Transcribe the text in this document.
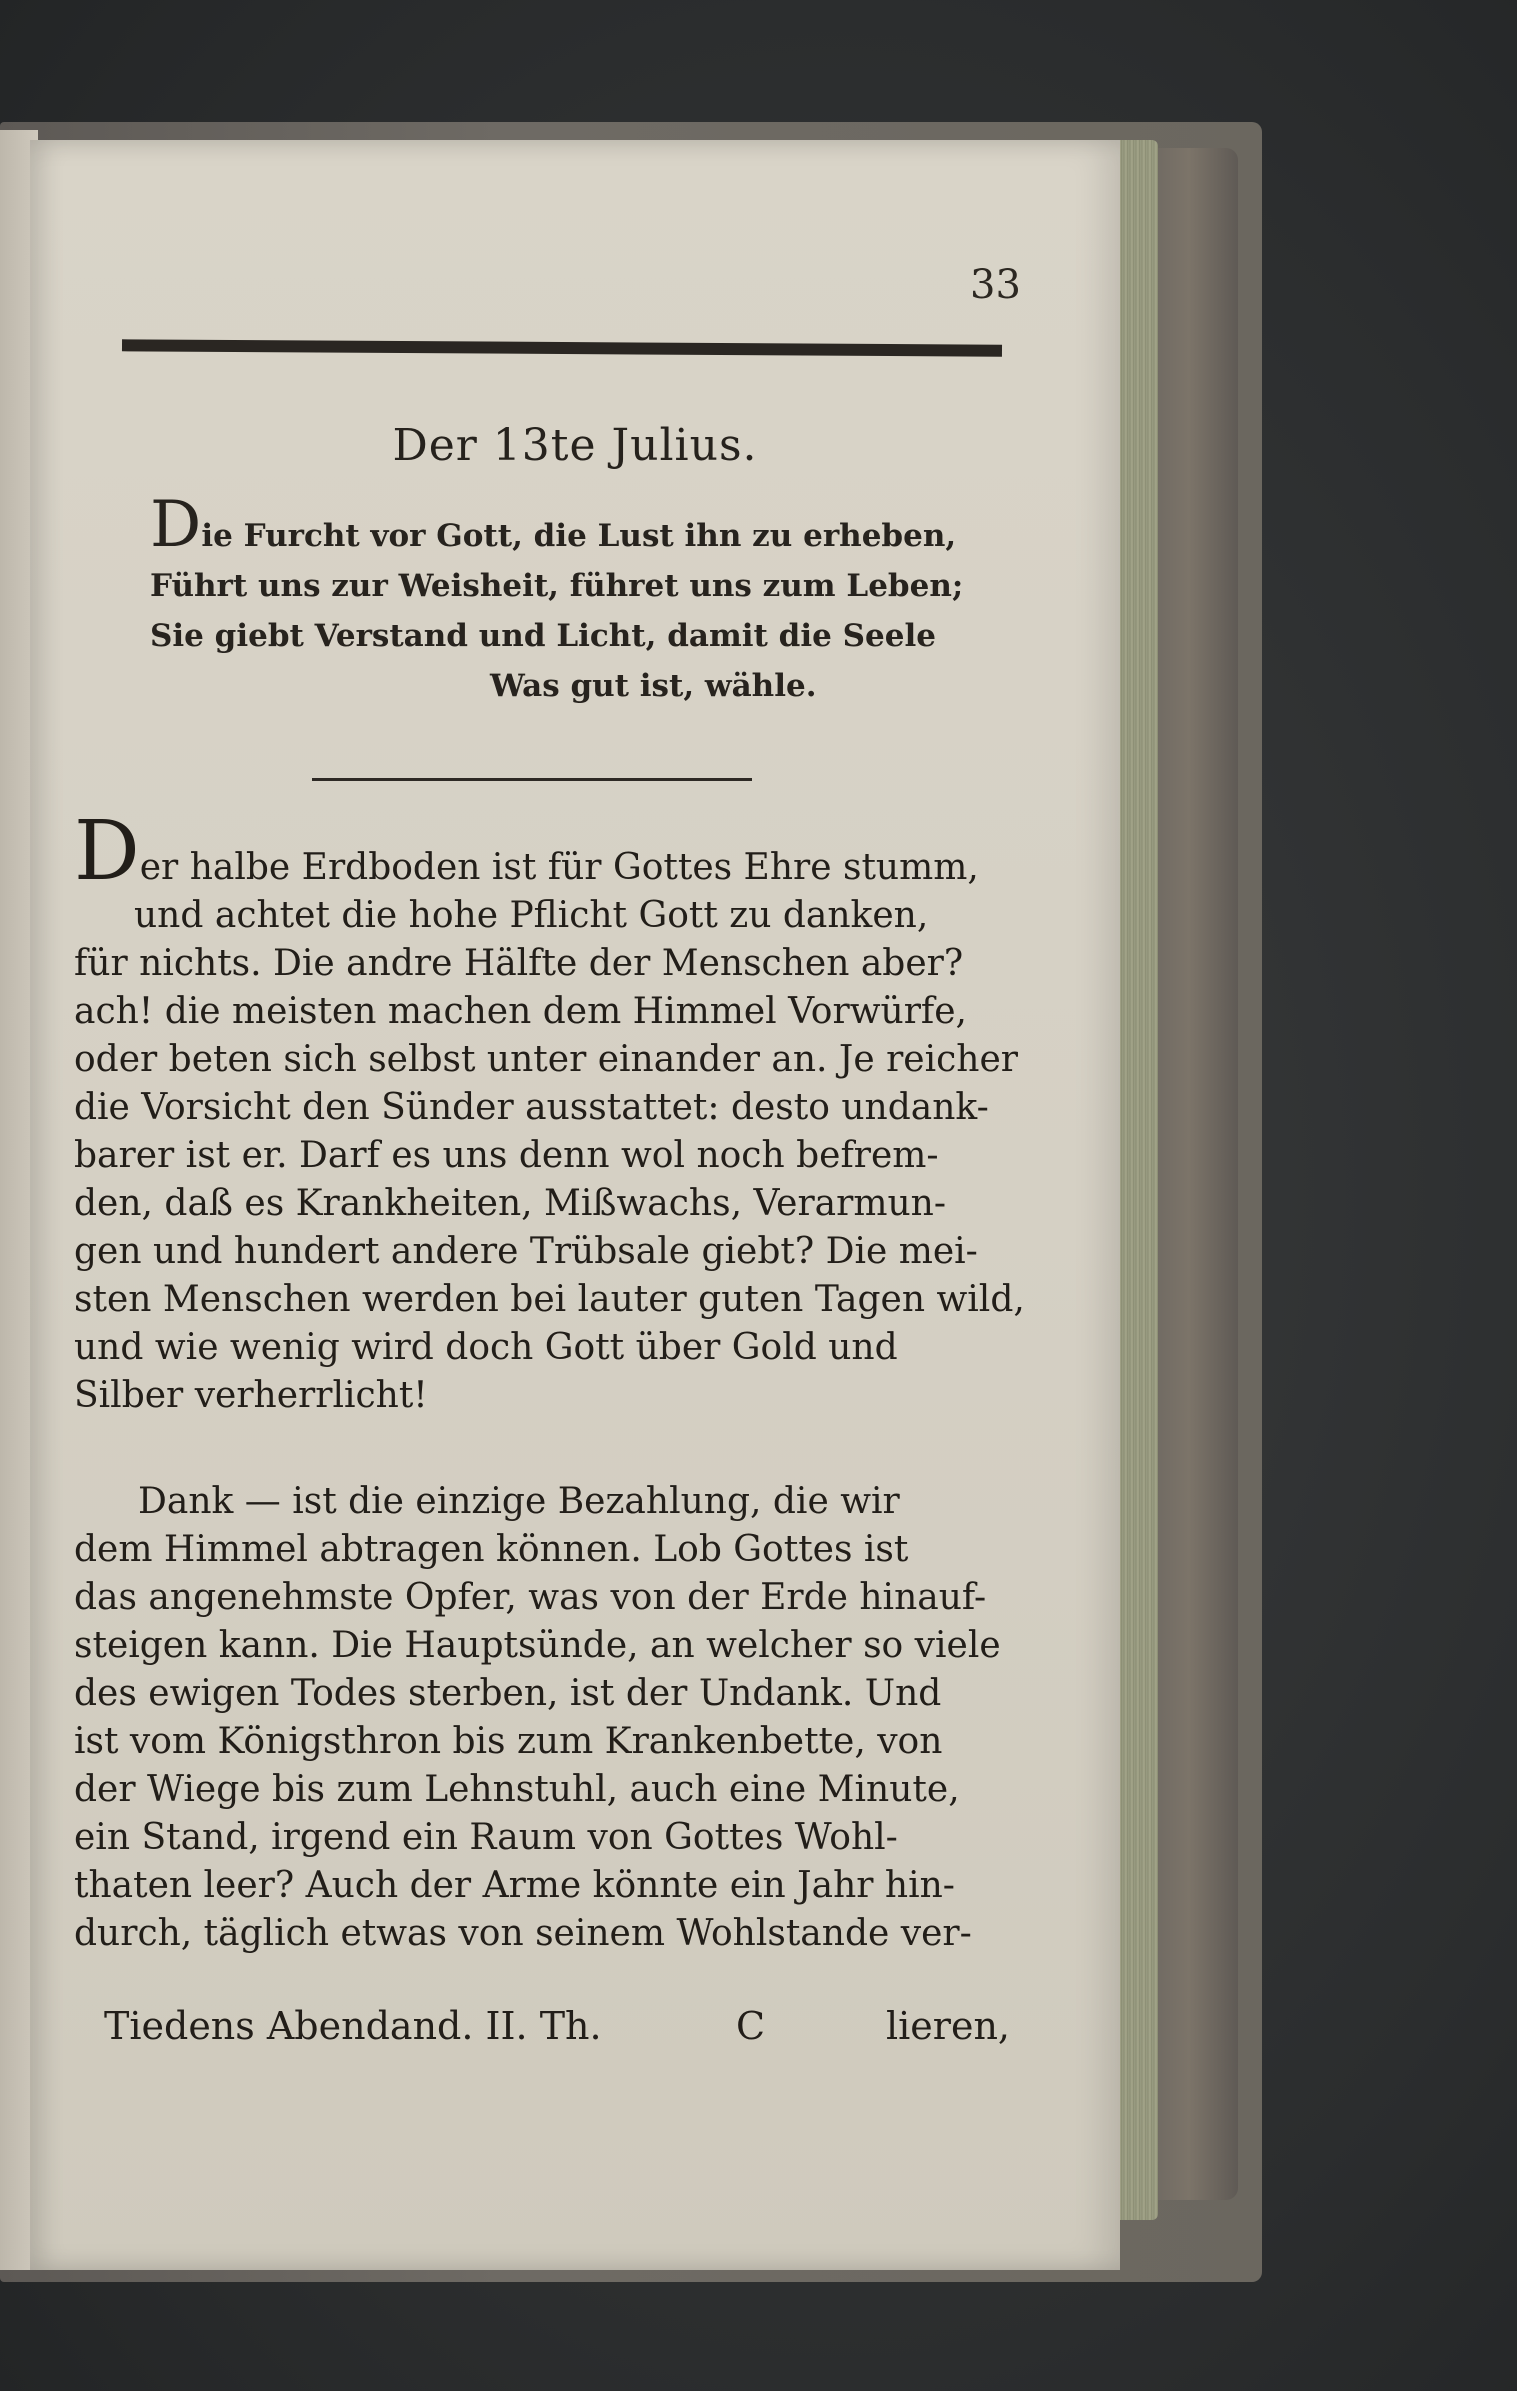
33
Der 13te Julius.
Die Furcht vor Gott, die Lust ihn zu erheben,
Führt uns zur Weisheit, führet uns zum Leben;
Sie giebt Verstand und Licht, damit die Seele
Was gut ist, wähle.
Der halbe Erdboden ist für Gottes Ehre stumm,
und achtet die hohe Pflicht Gott zu danken,
für nichts. Die andre Hälfte der Menschen aber?
ach! die meisten machen dem Himmel Vorwürfe,
oder beten sich selbst unter einander an. Je reicher
die Vorsicht den Sünder ausstattet: desto undank-
barer ist er. Darf es uns denn wol noch befrem-
den, daß es Krankheiten, Mißwachs, Verarmun-
gen und hundert andere Trübsale giebt? Die mei-
sten Menschen werden bei lauter guten Tagen wild,
und wie wenig wird doch Gott über Gold und
Silber verherrlicht!
Dank — ist die einzige Bezahlung, die wir
dem Himmel abtragen können. Lob Gottes ist
das angenehmste Opfer, was von der Erde hinauf-
steigen kann. Die Hauptsünde, an welcher so viele
des ewigen Todes sterben, ist der Undank. Und
ist vom Königsthron bis zum Krankenbette, von
der Wiege bis zum Lehnstuhl, auch eine Minute,
ein Stand, irgend ein Raum von Gottes Wohl-
thaten leer? Auch der Arme könnte ein Jahr hin-
durch, täglich etwas von seinem Wohlstande ver-
Tiedens Abendand. II. Th.	C	lieren,
